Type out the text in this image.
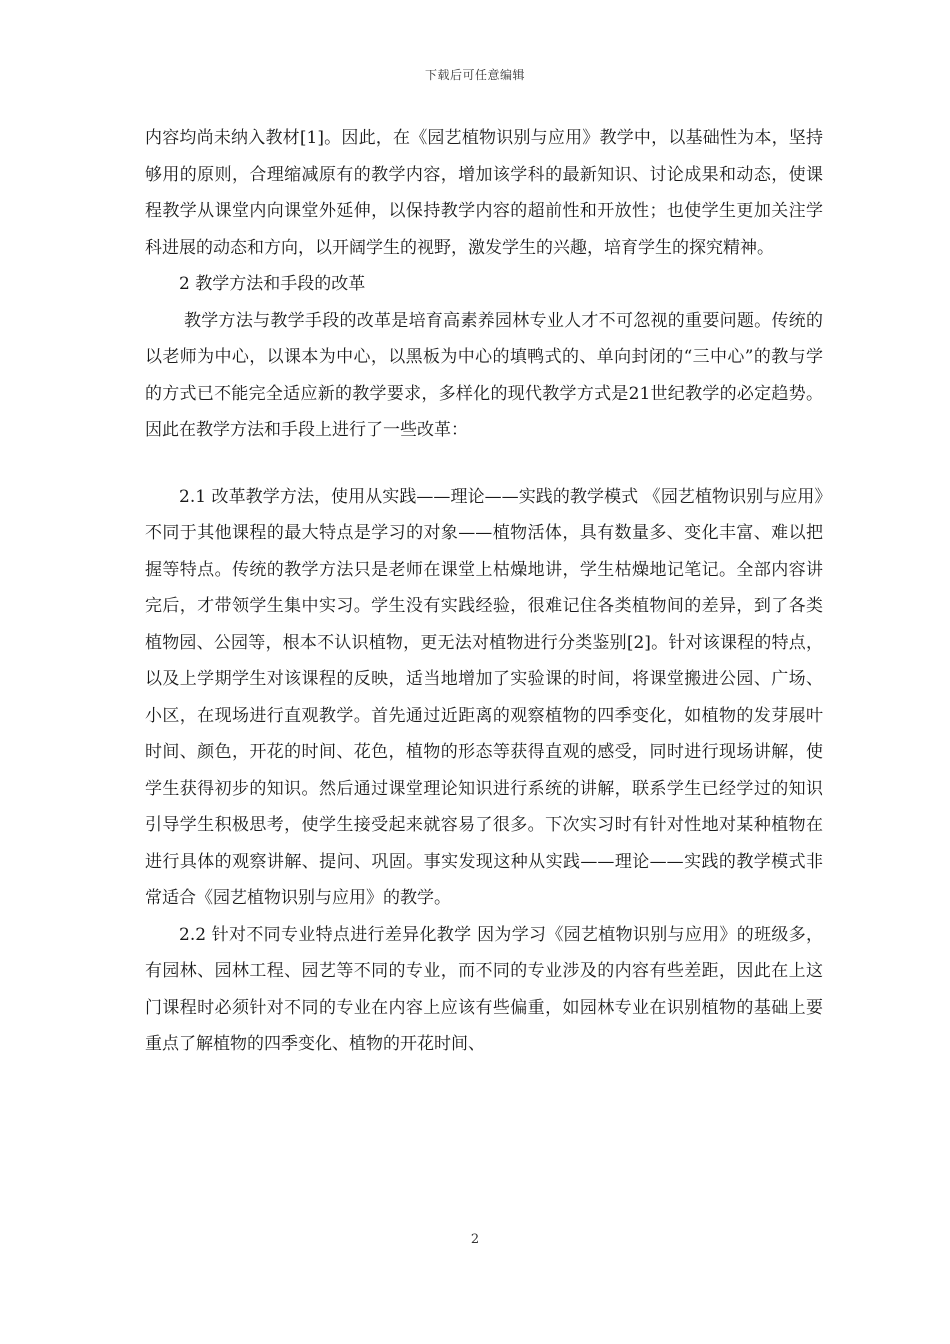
下载后可任意编辑

内容均尚未纳入教材[1]。因此，在《园艺植物识别与应用》教学中，以基础性为本，坚持够用的原则，合理缩减原有的教学内容，增加该学科的最新知识、讨论成果和动态，使课程教学从课堂内向课堂外延伸，以保持教学内容的超前性和开放性；也使学生更加关注学科进展的动态和方向，以开阔学生的视野，激发学生的兴趣，培育学生的探究精神。

2 教学方法和手段的改革

教学方法与教学手段的改革是培育高素养园林专业人才不可忽视的重要问题。传统的以老师为中心，以课本为中心，以黑板为中心的填鸭式的、单向封闭的“三中心”的教与学的方式已不能完全适应新的教学要求，多样化的现代教学方式是21世纪教学的必定趋势。因此在教学方法和手段上进行了一些改革：

2.1 改革教学方法，使用从实践——理论——实践的教学模式 《园艺植物识别与应用》不同于其他课程的最大特点是学习的对象——植物活体，具有数量多、变化丰富、难以把握等特点。传统的教学方法只是老师在课堂上枯燥地讲，学生枯燥地记笔记。全部内容讲完后，才带领学生集中实习。学生没有实践经验，很难记住各类植物间的差异，到了各类植物园、公园等，根本不认识植物，更无法对植物进行分类鉴别[2]。针对该课程的特点，以及上学期学生对该课程的反映，适当地增加了实验课的时间，将课堂搬进公园、广场、小区，在现场进行直观教学。首先通过近距离的观察植物的四季变化，如植物的发芽展叶时间、颜色，开花的时间、花色，植物的形态等获得直观的感受，同时进行现场讲解，使学生获得初步的知识。然后通过课堂理论知识进行系统的讲解，联系学生已经学过的知识引导学生积极思考，使学生接受起来就容易了很多。下次实习时有针对性地对某种植物在进行具体的观察讲解、提问、巩固。事实发现这种从实践——理论——实践的教学模式非常适合《园艺植物识别与应用》的教学。

2.2 针对不同专业特点进行差异化教学 因为学习《园艺植物识别与应用》的班级多，有园林、园林工程、园艺等不同的专业，而不同的专业涉及的内容有些差距，因此在上这门课程时必须针对不同的专业在内容上应该有些偏重，如园林专业在识别植物的基础上要重点了解植物的四季变化、植物的开花时间、

2
